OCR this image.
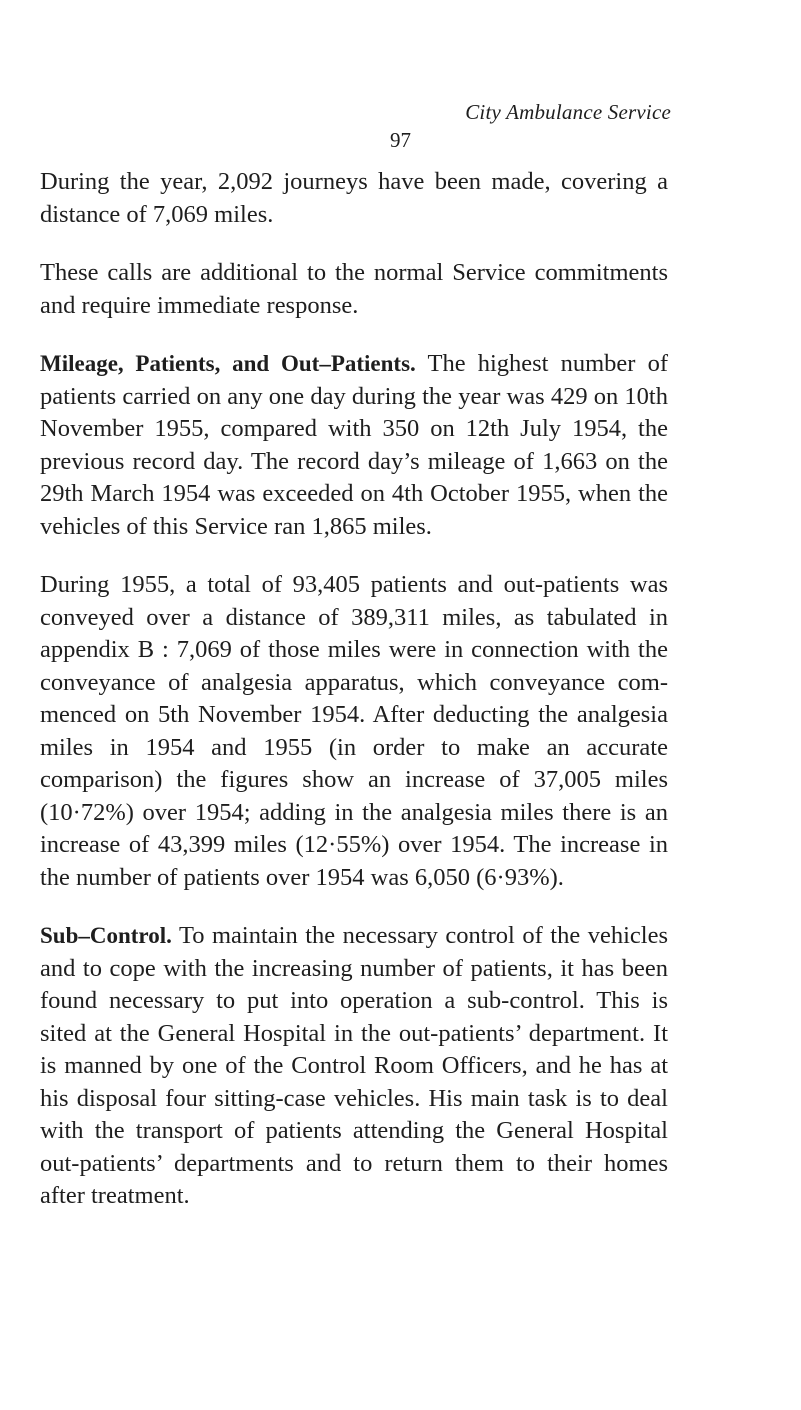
City Ambulance Service
97

During the year, 2,092 journeys have been made, covering a distance of 7,069 miles.

These calls are additional to the normal Service commitments and require immediate response.

Mileage, Patients, and Out–Patients. The highest number of patients carried on any one day during the year was 429 on 10th November 1955, compared with 350 on 12th July 1954, the previous record day. The record day’s mileage of 1,663 on the 29th March 1954 was exceeded on 4th October 1955, when the vehicles of this Service ran 1,865 miles.

During 1955, a total of 93,405 patients and out-patients was conveyed over a distance of 389,311 miles, as tabulated in appendix B : 7,069 of those miles were in connection with the conveyance of analgesia apparatus, which conveyance com- menced on 5th November 1954. After deducting the analgesia miles in 1954 and 1955 (in order to make an accurate comparison) the figures show an increase of 37,005 miles (10·72%) over 1954; adding in the analgesia miles there is an increase of 43,399 miles (12·55%) over 1954. The increase in the number of patients over 1954 was 6,050 (6·93%).

Sub–Control. To maintain the necessary control of the vehicles and to cope with the increasing number of patients, it has been found necessary to put into operation a sub-control. This is sited at the General Hospital in the out-patients’ department. It is manned by one of the Control Room Officers, and he has at his disposal four sitting-case vehicles. His main task is to deal with the transport of patients attending the General Hospital out-patients’ departments and to return them to their homes after treatment.
